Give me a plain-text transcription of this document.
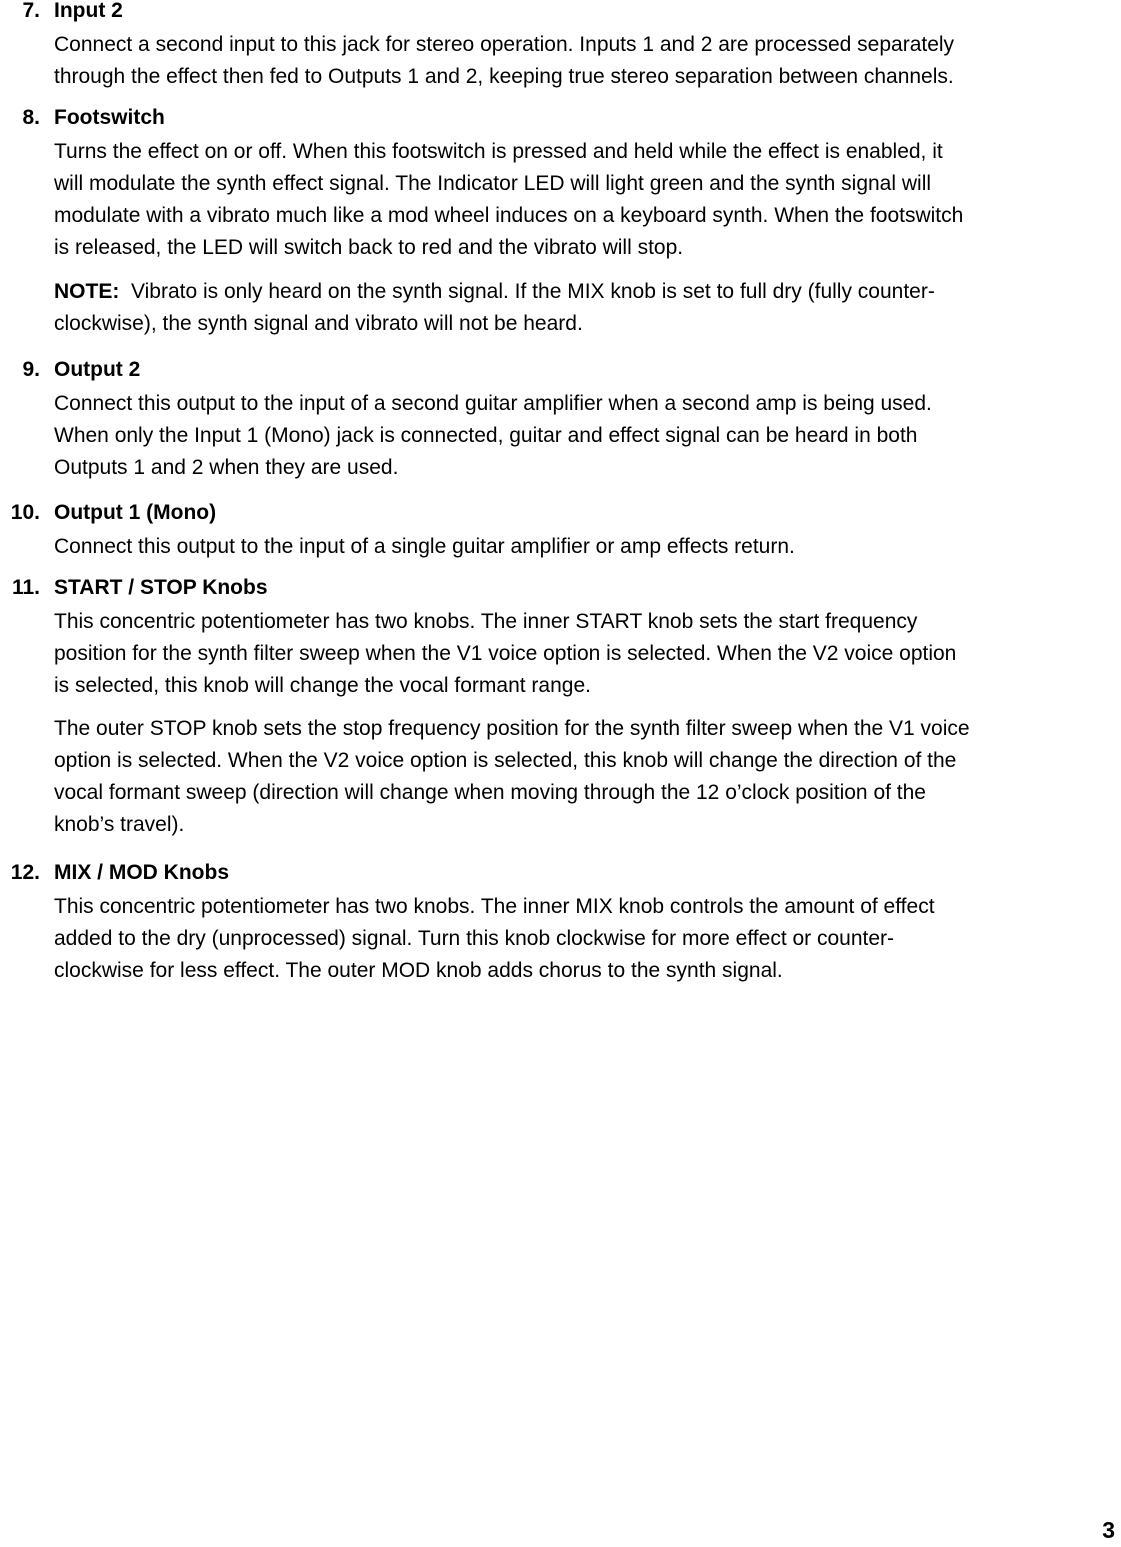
7. Input 2
Connect a second input to this jack for stereo operation. Inputs 1 and 2 are processed separately
through the effect then fed to Outputs 1 and 2, keeping true stereo separation between channels.
8. Footswitch
Turns the effect on or off. When this footswitch is pressed and held while the effect is enabled, it
will modulate the synth effect signal. The Indicator LED will light green and the synth signal will
modulate with a vibrato much like a mod wheel induces on a keyboard synth. When the footswitch
is released, the LED will switch back to red and the vibrato will stop.
NOTE: Vibrato is only heard on the synth signal. If the MIX knob is set to full dry (fully counter-
clockwise), the synth signal and vibrato will not be heard.
9. Output 2
Connect this output to the input of a second guitar amplifier when a second amp is being used.
When only the Input 1 (Mono) jack is connected, guitar and effect signal can be heard in both
Outputs 1 and 2 when they are used.
10. Output 1 (Mono)
Connect this output to the input of a single guitar amplifier or amp effects return.
11. START / STOP Knobs
This concentric potentiometer has two knobs. The inner START knob sets the start frequency
position for the synth filter sweep when the V1 voice option is selected. When the V2 voice option
is selected, this knob will change the vocal formant range.
The outer STOP knob sets the stop frequency position for the synth filter sweep when the V1 voice
option is selected. When the V2 voice option is selected, this knob will change the direction of the
vocal formant sweep (direction will change when moving through the 12 o’clock position of the
knob’s travel).
12. MIX / MOD Knobs
This concentric potentiometer has two knobs. The inner MIX knob controls the amount of effect
added to the dry (unprocessed) signal. Turn this knob clockwise for more effect or counter-
clockwise for less effect. The outer MOD knob adds chorus to the synth signal.
3
